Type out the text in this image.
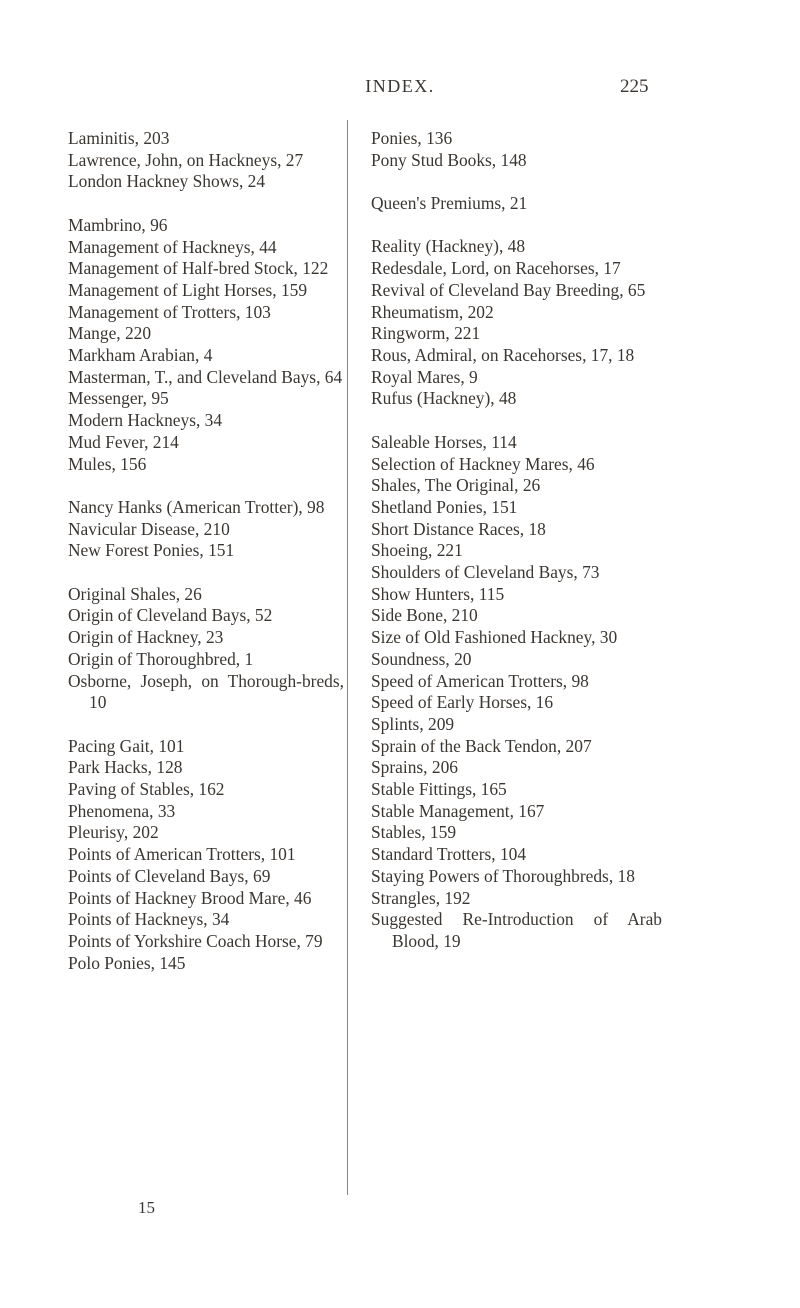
INDEX.	225

Laminitis, 203

Lawrence, John, on Hackneys, 27

London Hackney Shows, 24

Mambrino, 96

Management of Hackneys, 44

Management of Half-bred Stock, 122

Management of Light Horses, 159

Management of Trotters, 103

Mange, 220

Markham Arabian, 4

Masterman, T., and Cleveland Bays, 64

Messenger, 95

Modern Hackneys, 34

Mud Fever, 214

Mules, 156

Nancy Hanks (American Trotter), 98

Navicular Disease, 210

New Forest Ponies, 151

Original Shales, 26

Origin of Cleveland Bays, 52

Origin of Hackney, 23

Origin of Thoroughbred, 1

Osborne, Joseph, on Thorough-breds, 10

Pacing Gait, 101

Park Hacks, 128

Paving of Stables, 162

Phenomena, 33

Pleurisy, 202

Points of American Trotters, 101

Points of Cleveland Bays, 69

Points of Hackney Brood Mare, 46

Points of Hackneys, 34

Points of Yorkshire Coach Horse, 79

Polo Ponies, 145

Ponies, 136

Pony Stud Books, 148

Queen's Premiums, 21

Reality (Hackney), 48

Redesdale, Lord, on Racehorses, 17

Revival of Cleveland Bay Breeding, 65

Rheumatism, 202

Ringworm, 221

Rous, Admiral, on Racehorses, 17, 18

Royal Mares, 9

Rufus (Hackney), 48

Saleable Horses, 114

Selection of Hackney Mares, 46

Shales, The Original, 26

Shetland Ponies, 151

Short Distance Races, 18

Shoeing, 221

Shoulders of Cleveland Bays, 73

Show Hunters, 115

Side Bone, 210

Size of Old Fashioned Hackney, 30

Soundness, 20

Speed of American Trotters, 98

Speed of Early Horses, 16

Splints, 209

Sprain of the Back Tendon, 207

Sprains, 206

Stable Fittings, 165

Stable Management, 167

Stables, 159

Standard Trotters, 104

Staying Powers of Thoroughbreds, 18

Strangles, 192

Suggested Re-Introduction of Arab Blood, 19

15
